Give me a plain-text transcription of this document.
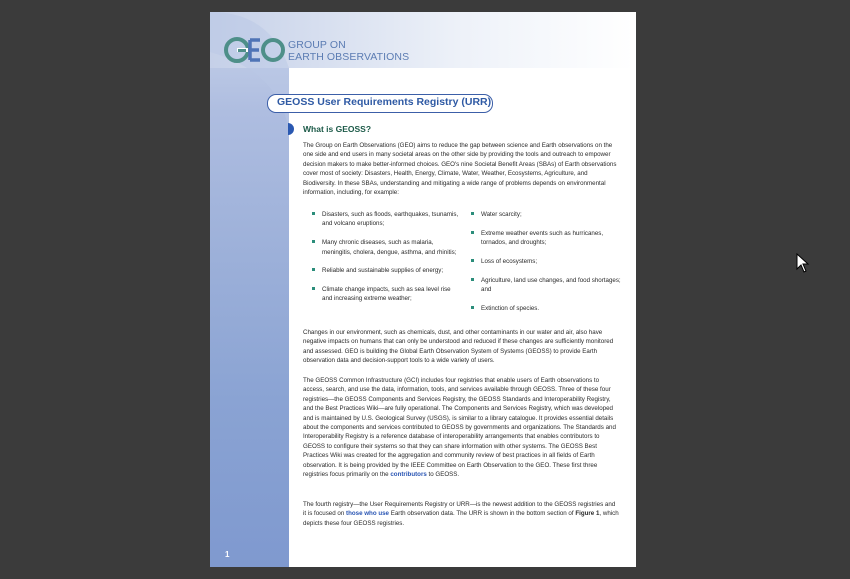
GROUP ON
EARTH OBSERVATIONS
GEOSS User Requirements Registry (URR)
What is GEOSS?
The Group on Earth Observations (GEO) aims to reduce the gap between science and Earth observations on the one side and end users in many societal areas on the other side by providing the tools and outreach to empower decision makers to make better-informed choices. GEO's nine Societal Benefit Areas (SBAs) of Earth observations cover most of society: Disasters, Health, Energy, Climate, Water, Weather, Ecosystems, Agriculture, and Biodiversity. In these SBAs, understanding and mitigating a wide range of problems depends on environmental information, including, for example:
Disasters, such as floods, earthquakes, tsunamis, and volcano eruptions;
Many chronic diseases, such as malaria, meningitis, cholera, dengue, asthma, and rhinitis;
Reliable and sustainable supplies of energy;
Climate change impacts, such as sea level rise and increasing extreme weather;
Water scarcity;
Extreme weather events such as hurricanes, tornados, and droughts;
Loss of ecosystems;
Agriculture, land use changes, and food shortages; and
Extinction of species.
Changes in our environment, such as chemicals, dust, and other contaminants in our water and air, also have negative impacts on humans that can only be understood and reduced if these changes are sufficiently monitored and assessed. GEO is building the Global Earth Observation System of Systems (GEOSS) to provide Earth observation data and decision-support tools to a wide variety of users.
The GEOSS Common Infrastructure (GCI) includes four registries that enable users of Earth observations to access, search, and use the data, information, tools, and services available through GEOSS. Three of these four registries—the GEOSS Components and Services Registry, the GEOSS Standards and Interoperability Registry, and the Best Practices Wiki—are fully operational. The Components and Services Registry, which was developed and is maintained by U.S. Geological Survey (USGS), is similar to a library catalogue. It provides essential details about the components and services contributed to GEOSS by governments and organizations. The Standards and Interoperability Registry is a reference database of interoperability arrangements that enables contributors to GEOSS to configure their systems so that they can share information with other systems. The GEOSS Best Practices Wiki was created for the aggregation and community review of best practices in all fields of Earth observation. It is being provided by the IEEE Committee on Earth Observation to the GEO. These first three registries focus primarily on the contributors to GEOSS.
The fourth registry—the User Requirements Registry or URR—is the newest addition to the GEOSS registries and it is focused on those who use Earth observation data. The URR is shown in the bottom section of Figure 1, which depicts these four GEOSS registries.
1
